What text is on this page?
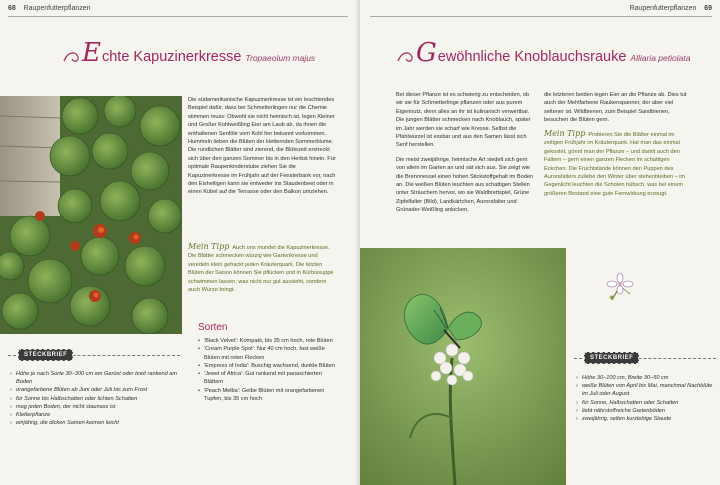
68 Raupenfutterpflanzen
Echte Kapuzinerkresse Tropaeolum majus

Die südamerikanische Kapuzinerkresse ist ein leuchtendes Beispiel dafür, dass bei Schmetterlingen nur die Chemie stimmen muss: Obwohl sie nicht heimisch ist, legen Kleiner und Großer Kohlweißling Eier am Laub ab, da ihnen die enthaltenen Senföle vom Kohl her bekannt vorkommen. Hummeln lieben die Blüten der kletternden Sommerblume. Die rundlichen Blätter sind zierend, die Blütezeit erstreckt sich über den ganzen Sommer bis in den Herbst hinein. Für optimale Raupenkinderstube ziehen Sie die Kapuzinerkresse im Frühjahr auf der Fensterbank vor, nach den Eisheiligen kann sie entweder ins Staudenbeet oder in einen Kübel auf die Terrasse oder den Balkon umziehen.

Mein Tipp Auch uns mundet die Kapuzinerkresse. Die Blätter schmecken würzig wie Gartenkresse und veredeln klein gehackt jeden Kräuterquark. Die letzten Blüten der Saison können Sie pflücken und in Kürbissuppe schwimmen lassen, was nicht nur gut aussieht, sondern auch Würze bringt.
Sorten
• 'Black Velvet': Kompakt, bis 35 cm hoch, rote Blüten
• 'Cream Purple Spot': Nur 40 cm hoch, fast weiße Blüten mit roten Flecken
• 'Empress of India': Buschig wachsend, dunkle Blüten
• 'Jewel of Africa': Gut rankend mit panaschierten Blättern
• 'Peach Melba': Gelbe Blüten mit orangefarbenen Tupfen, bis 35 cm hoch
STECKBRIEF
› Höhe je nach Sorte 30–300 cm am Gerüst oder breit rankend am Boden
› orangefarbene Blüten ab Juni oder Juli bis zum Frost
› für Sonne bis Halbschatten oder lichten Schatten
› mag jeden Boden, der nicht staunass ist
› Kletterpflanze
› einjährig, die dicken Samen keimen leicht
Raupenfutterpflanzen 69
Gewöhnliche Knoblauchsrauke Alliaria petiolata

Bei dieser Pflanze ist es schwierig zu entscheiden, ob wir sie für Schmetterlinge pflanzen oder aus purem Eigennutz, denn alles an ihr ist kulinarisch verwertbar. Die jungen Blätter schmecken nach Knoblauch, später im Jahr werden sie scharf wie Kresse. Selbst die Pfahlwurzel ist essbar und aus den Samen lässt sich Senf herstellen.

Die meist zweijährige, heimische Art siedelt sich gern von allein im Garten an und sät sich aus. Sie zeigt wie die Brennnessel einen hohen Stickstoffgehalt im Boden an. Die weißen Blüten leuchten aus schattigen Stellen unter Sträuchern hervor, wo sie Waldbrettspiel, Grüne Zipfelfalter (Bild), Landkärtchen, Aurorafalter und Grünader-Weißling anlocken,

die letzteren beiden legen Eier an die Pflanze ab. Dies tut auch der Mehlfarbene Raukenspanner, der aber viel seltener ist. Wildbienen, zum Beispiel Sandbienen, besuchen die Blüten gern.

Mein Tipp Probieren Sie die Blätter einmal im zeitigen Frühjahr im Kräuterquark. Hat man das einmal gekostet, gönnt man der Pflanze – und damit auch den Faltern – gern einen ganzen Flecken im schattigen Eckchen. Die Fruchtstände können den Puppen des Aurorafalters zuliebe den Winter über stehenbleiben – im Gegenlicht leuchten die Schoten hübsch, was bei einem größeren Bestand eine gute Fernwirkung erzeugt.
STECKBRIEF
› Höhe 30–100 cm, Breite 30–50 cm
› weiße Blüten von April bis Mai, manchmal Nachblüte im Juli oder August
› für Sonne, Halbschatten oder Schatten
› liebt nährstoffreiche Gartenböden
› zweijährig, selten kurzlebige Staude
